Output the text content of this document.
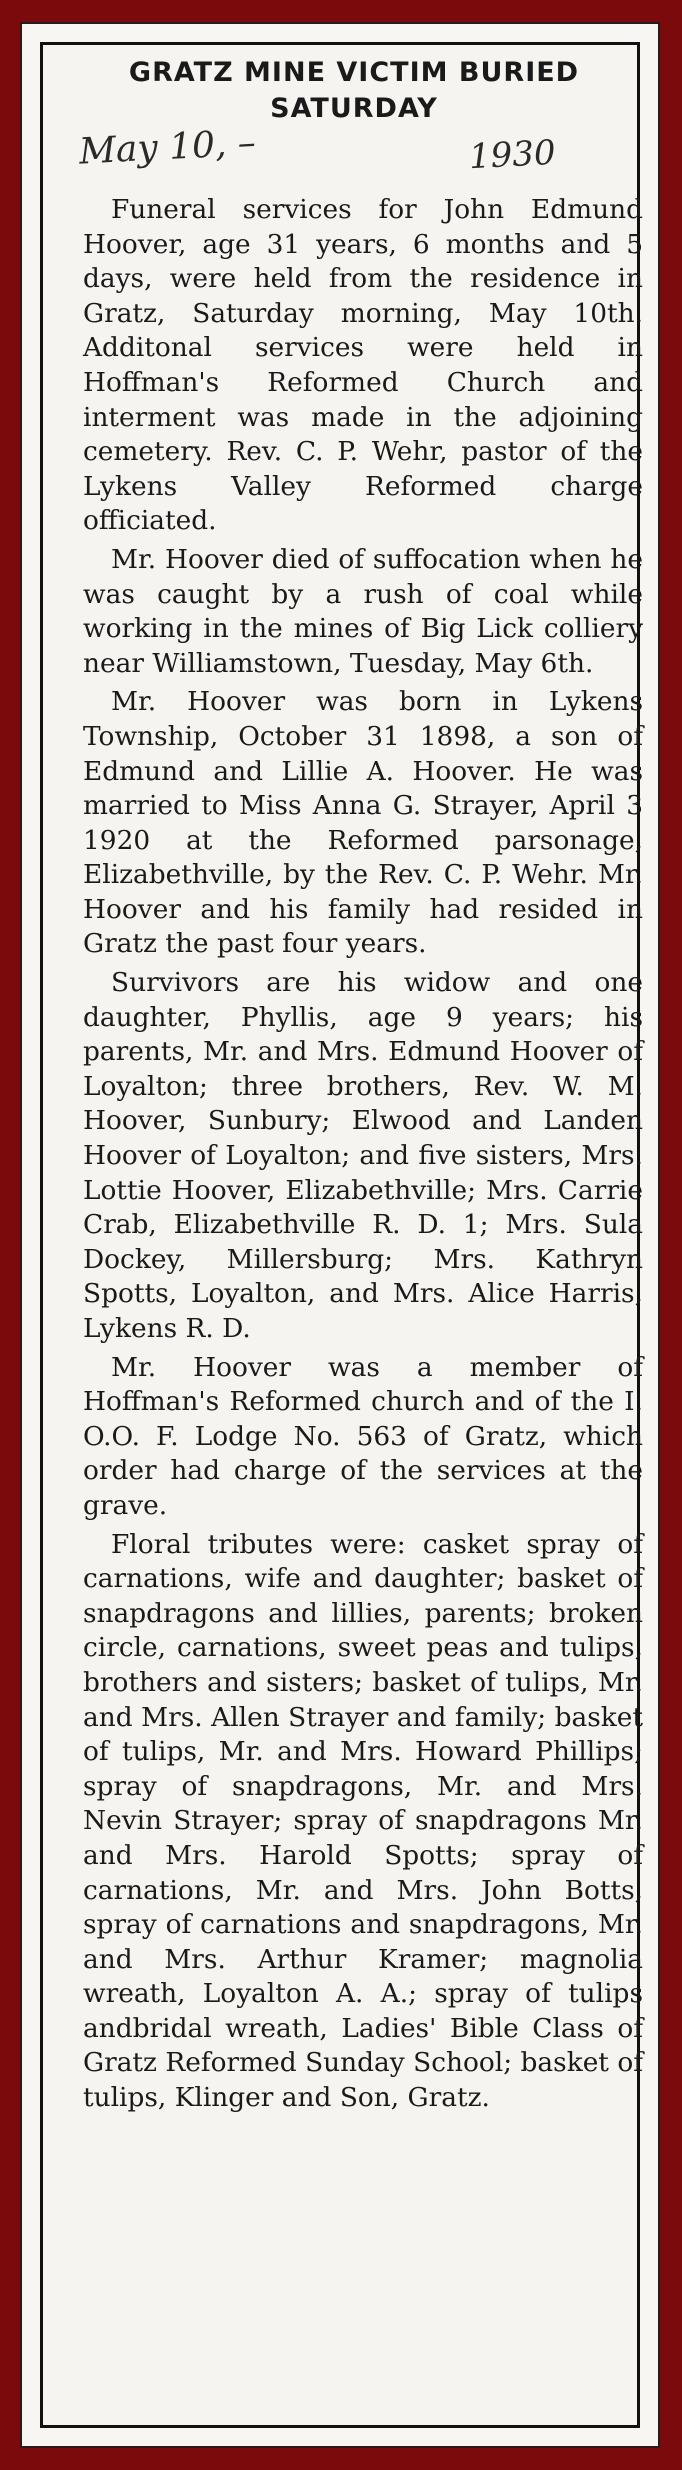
GRATZ MINE VICTIM BURIED
SATURDAY
May 10, –	1930

Funeral services for John Edmund Hoover, age 31 years, 6 months and 5 days, were held from the residence in Gratz, Saturday morning, May 10th. Additonal services were held in Hoffman's Reformed Church and interment was made in the adjoining cemetery. Rev. C. P. Wehr, pastor of the Lykens Valley Reformed charge officiated.

Mr. Hoover died of suffocation when he was caught by a rush of coal while working in the mines of Big Lick colliery near Williamstown, Tuesday, May 6th.

Mr. Hoover was born in Lykens Township, October 31 1898, a son of Edmund and Lillie A. Hoover. He was married to Miss Anna G. Strayer, April 3 1920 at the Reformed parsonage, Elizabethville, by the Rev. C. P. Wehr. Mr. Hoover and his family had resided in Gratz the past four years.

Survivors are his widow and one daughter, Phyllis, age 9 years; his parents, Mr. and Mrs. Edmund Hoover of Loyalton; three brothers, Rev. W. M. Hoover, Sunbury; Elwood and Landen Hoover of Loyalton; and five sisters, Mrs. Lottie Hoover, Elizabethville; Mrs. Carrie Crab, Elizabethville R. D. 1; Mrs. Sula Dockey, Millersburg; Mrs. Kathryn Spotts, Loyalton, and Mrs. Alice Harris, Lykens R. D.

Mr. Hoover was a member of Hoffman's Reformed church and of the I. O.O. F. Lodge No. 563 of Gratz, which order had charge of the services at the grave.

Floral tributes were: casket spray of carnations, wife and daughter; basket of snapdragons and lillies, parents; broken circle, carnations, sweet peas and tulips, brothers and sisters; basket of tulips, Mr. and Mrs. Allen Strayer and family; basket of tulips, Mr. and Mrs. Howard Phillips; spray of snapdragons, Mr. and Mrs. Nevin Strayer; spray of snapdragons Mr. and Mrs. Harold Spotts; spray of carnations, Mr. and Mrs. John Botts, spray of carnations and snapdragons, Mr. and Mrs. Arthur Kramer; magnolia wreath, Loyalton A. A.; spray of tulips andbridal wreath, Ladies' Bible Class of Gratz Reformed Sunday School; basket of tulips, Klinger and Son, Gratz.
